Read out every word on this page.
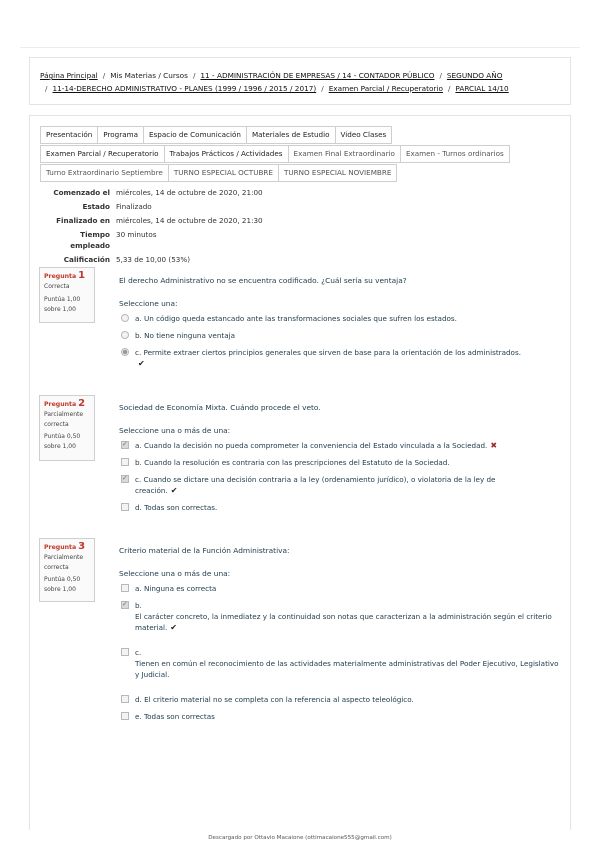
Página Principal / Mis Materias / Cursos / 11 - ADMINISTRACIÓN DE EMPRESAS / 14 - CONTADOR PÚBLICO / SEGUNDO AÑO
/ 11-14-DERECHO ADMINISTRATIVO - PLANES (1999 / 1996 / 2015 / 2017) / Examen Parcial / Recuperatorio / PARCIAL 14/10
Presentación	Programa	Espacio de Comunicación	Materiales de Estudio	Video Clases
Examen Parcial / Recuperatorio	Trabajos Prácticos / Actividades	Examen Final Extraordinario	Examen - Turnos ordinarios
Turno Extraordinario Septiembre	TURNO ESPECIAL OCTUBRE	TURNO ESPECIAL NOVIEMBRE
Comenzado el miércoles, 14 de octubre de 2020, 21:00
Estado Finalizado
Finalizado en miércoles, 14 de octubre de 2020, 21:30
Tiempo
empleado
30 minutos
Calificación 5,33 de 10,00 (53%)
Pregunta 1
Correcta
Puntúa 1,00
sobre 1,00
El derecho Administrativo no se encuentra codificado. ¿Cuál sería su ventaja?
Seleccione una:
a. Un código queda estancado ante las transformaciones sociales que sufren los estados.
b. No tiene ninguna ventaja
c. Permite extraer ciertos principios generales que sirven de base para la orientación de los administrados.
✔
Pregunta 2
Parcialmente
correcta
Puntúa 0,50
sobre 1,00
Sociedad de Economía Mixta. Cuándo procede el veto.
Seleccione una o más de una:
✓
a. Cuando la decisión no pueda comprometer la conveniencia del Estado vinculada a la Sociedad. ✖
b. Cuando la resolución es contraria con las prescripciones del Estatuto de la Sociedad.
✓
c. Cuando se dictare una decisión contraria a la ley (ordenamiento jurídico), o violatoria de la ley de creación. ✔
d. Todas son correctas.
Pregunta 3
Parcialmente
correcta
Puntúa 0,50
sobre 1,00
Criterio material de la Función Administrativa:
Seleccione una o más de una:
a. Ninguna es correcta
✓
b.
El carácter concreto, la inmediatez y la continuidad son notas que caracterizan a la administración según el criterio material. ✔
c.
Tienen en común el reconocimiento de las actividades materialmente administrativas del Poder Ejecutivo, Legislativo y Judicial.
d. El criterio material no se completa con la referencia al aspecto teleológico.
e. Todas son correctas
Descargado por Ottavio Macaione (ottimacaione555@gmail.com)
